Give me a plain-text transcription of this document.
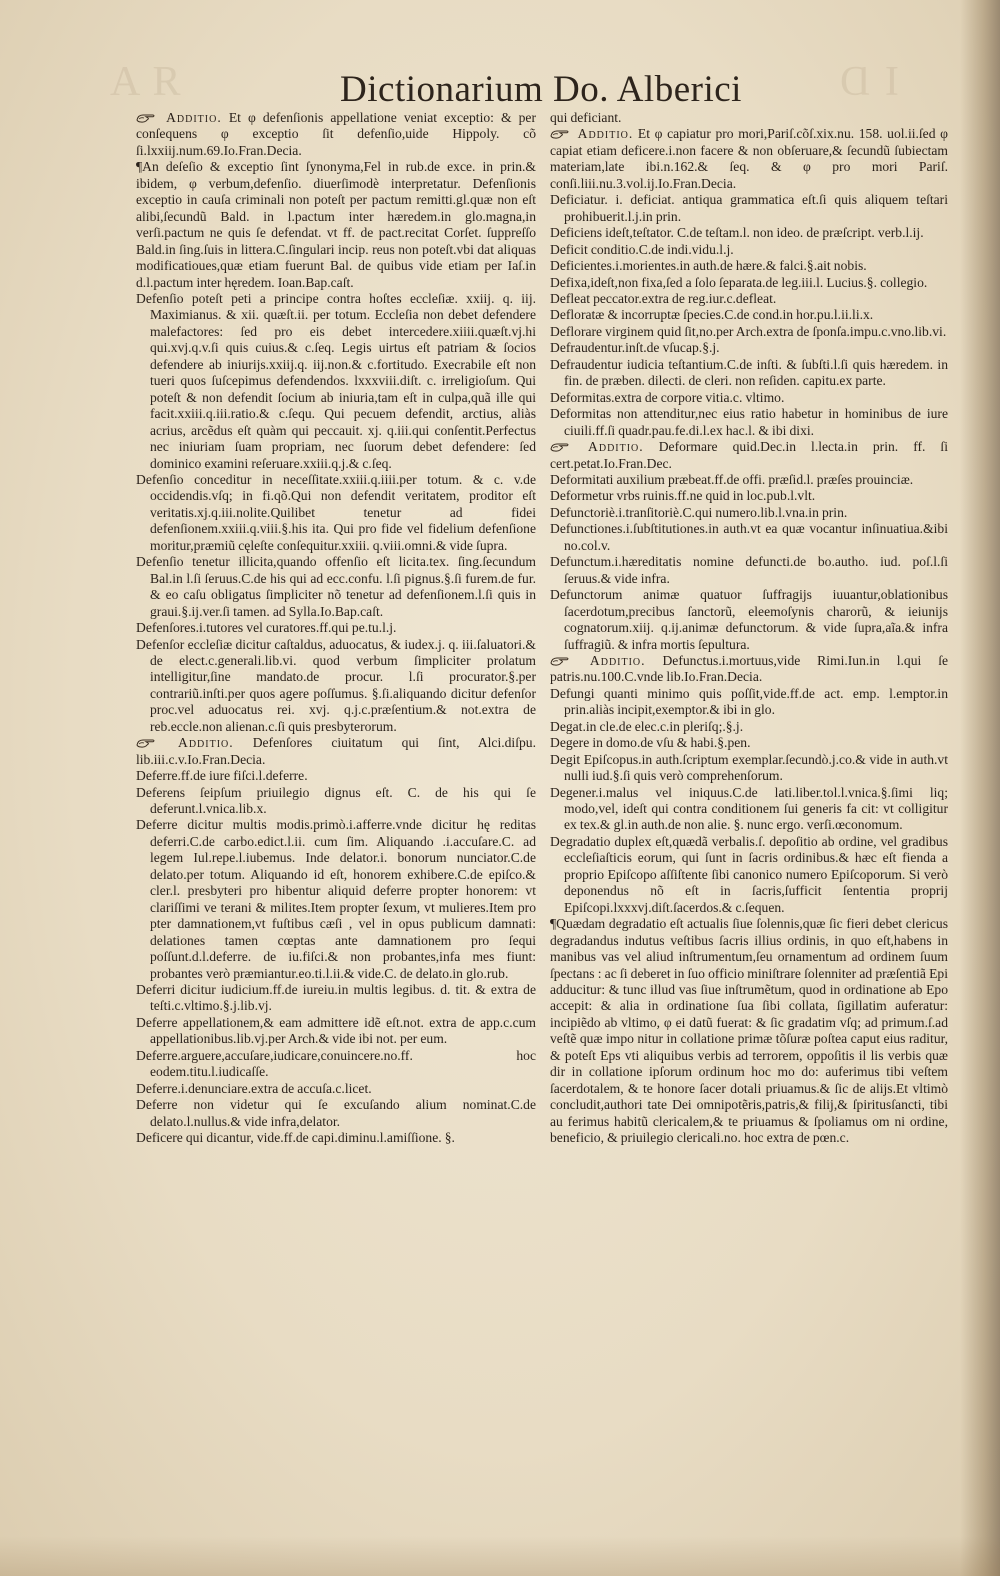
A R	Ɑ I
Dictionarium Do. Alberici

Additio. Et φ defenſionis appellatione veniat exceptio: & per conſequens φ exceptio ſit defenſio,uide Hippoly. cõ ſi.lxxiij.num.69.Io.Fran.Decia.

¶An deſeſio & exceptio ſint ſynonyma,Fel in rub.de exce. in prin.& ibidem, φ verbum,defenſio. diuerſimodè interpretatur. Defenſionis exceptio in cauſa criminali non poteſt per pactum remitti.gl.quæ non eſt alibi,ſecundũ Bald. in l.pactum inter hæredem.in glo.magna,in verſi.pactum ne quis ſe defendat. vt ff. de pact.recitat Corſet. ſuppreſſo Bald.in ſing.ſuis in littera.C.ſingulari incip. reus non poteſt.vbi dat aliquas modificatioues,quæ etiam fuerunt Bal. de quibus vide etiam per Iaſ.in d.l.pactum inter hęredem. Ioan.Bap.caſt.

Defenſio poteſt peti a principe contra hoſtes eccleſiæ. xxiij. q. iij. Maximianus. & xii. quæſt.ii. per totum. Eccleſia non debet defendere malefactores: ſed pro eis debet intercedere.xiiii.quæſt.vj.hi qui.xvj.q.v.ſi quis cuius.& c.ſeq. Legis uirtus eſt patriam & ſocios defendere ab iniurijs.xxiij.q. iij.non.& c.fortitudo. Execrabile eſt non tueri quos ſuſcepimus defendendos. lxxxviii.diſt. c. irreligioſum. Qui poteſt & non defendit ſocium ab iniuria,tam eſt in culpa,quã ille qui facit.xxiii.q.iii.ratio.& c.ſequ. Qui pecuem defendit, arctius, aliàs acrius, arcẽdus eſt quàm qui peccauit. xj. q.iii.qui conſentit.Perfectus nec iniuriam ſuam propriam, nec ſuorum debet defendere: ſed dominico examini reſeruare.xxiii.q.j.& c.ſeq.

Defenſio conceditur in neceſſitate.xxiii.q.iiii.per totum. & c. v.de occidendis.vſq; in fi.qõ.Qui non defendit veritatem, proditor eſt veritatis.xj.q.iii.nolite.Quilibet tenetur ad fidei defenſionem.xxiii.q.viii.§.his ita. Qui pro fide vel fidelium defenſione moritur,præmiũ cęleſte conſequitur.xxiii. q.viii.omni.& vide ſupra.

Defenſio tenetur illicita,quando offenſio eſt licita.tex. ſing.ſecundum Bal.in l.ſi ſeruus.C.de his qui ad ecc.confu. l.ſi pignus.§.ſi furem.de fur. & eo caſu obligatus ſimpliciter nõ tenetur ad defenſionem.l.ſi quis in graui.§.ij.ver.ſi tamen. ad Sylla.Io.Bap.caſt.

Defenſores.i.tutores vel curatores.ff.qui pe.tu.l.j.

Defenſor eccleſiæ dicitur caſtaldus, aduocatus, & iudex.j. q. iii.ſaluatori.& de elect.c.generali.lib.vi. quod verbum ſimpliciter prolatum intelligitur,ſine mandato.de procur. l.ſi procurator.§.per contrariũ.inſti.per quos agere poſſumus. §.ſi.aliquando dicitur defenſor proc.vel aduocatus rei. xvj. q.j.c.præſentium.& not.extra de reb.eccle.non alienan.c.ſi quis presbyterorum.

Additio. Defenſores ciuitatum qui ſint, Alci.diſpu. lib.iii.c.v.Io.Fran.Decia.

Deferre.ff.de iure fiſci.l.deferre.

Deferens ſeipſum priuilegio dignus eſt. C. de his qui ſe deferunt.l.vnica.lib.x.

Deferre dicitur multis modis.primò.i.afferre.vnde dicitur hę reditas deferri.C.de carbo.edict.l.ii. cum ſim. Aliquando .i.accuſare.C. ad legem Iul.repe.l.iubemus. Inde delator.i. bonorum nunciator.C.de delato.per totum. Aliquando id eſt, honorem exhibere.C.de epiſco.& cler.l. presbyteri pro hibentur aliquid deferre propter honorem: vt clariſſimi ve terani & milites.Item propter ſexum, vt mulieres.Item pro pter damnationem,vt fuſtibus cæſi , vel in opus publicum damnati: delationes tamen cœptas ante damnationem pro ſequi poſſunt.d.l.deferre. de iu.fiſci.& non probantes,infa mes fiunt: probantes verò præmiantur.eo.ti.l.ii.& vide.C. de delato.in glo.rub.

Deferri dicitur iudicium.ff.de iureiu.in multis legibus. d. tit. & extra de teſti.c.vltimo.§.j.lib.vj.

Deferre appellationem,& eam admittere idẽ eſt.not. extra de app.c.cum appellationibus.lib.vj.per Arch.& vide ibi not. per eum.

Deferre.arguere,accuſare,iudicare,conuincere.no.ff. hoc eodem.titu.l.iudicaſſe.

Deferre.i.denunciare.extra de accuſa.c.licet.

Deferre non videtur qui ſe excuſando alium nominat.C.de delato.l.nullus.& vide infra,delator.

Deficere qui dicantur, vide.ff.de capi.diminu.l.amiſſione. §.

qui deficiant.

Additio. Et φ capiatur pro mori,Pariſ.cõſ.xix.nu. 158. uol.ii.ſed φ capiat etiam deficere.i.non facere & non obſeruare,& ſecundũ ſubiectam materiam,late ibi.n.162.& ſeq. & φ pro mori Pariſ. conſi.liii.nu.3.vol.ij.Io.Fran.Decia.

Deficiatur. i. deficiat. antiqua grammatica eſt.ſi quis aliquem teſtari prohibuerit.l.j.in prin.

Deficiens ideſt,teſtator. C.de teſtam.l. non ideo. de præſcript. verb.l.ij.

Deficit conditio.C.de indi.vidu.l.j.

Deficientes.i.morientes.in auth.de hære.& falci.§.ait nobis.

Defixa,ideſt,non fixa,ſed a ſolo ſeparata.de leg.iii.l. Lucius.§. collegio.

Defleat peccator.extra de reg.iur.c.defleat.

Defloratæ & incorruptæ ſpecies.C.de cond.in hor.pu.l.ii.li.x.

Deflorare virginem quid ſit,no.per Arch.extra de ſponſa.impu.c.vno.lib.vi.

Defraudentur.inſt.de vſucap.§.j.

Defraudentur iudicia teſtantium.C.de inſti. & ſubſti.l.ſi quis hæredem. in fin. de præben. dilecti. de cleri. non reſiden. capitu.ex parte.

Deformitas.extra de corpore vitia.c. vltimo.

Deformitas non attenditur,nec eius ratio habetur in hominibus de iure ciuili.ff.ſi quadr.pau.fe.di.l.ex hac.l. & ibi dixi.

Additio. Deformare quid.Dec.in l.lecta.in prin. ff. ſi cert.petat.Io.Fran.Dec.

Deformitati auxilium præbeat.ff.de offi. præſid.l. præſes prouinciæ.

Deformetur vrbs ruinis.ff.ne quid in loc.pub.l.vlt.

Defunctoriè.i.tranſitoriè.C.qui numero.lib.l.vna.in prin.

Defunctiones.i.ſubſtitutiones.in auth.vt ea quæ vocantur inſinuatiua.&ibi no.col.v.

Defunctum.i.hæreditatis nomine defuncti.de bo.autho. iud. poſ.l.ſi ſeruus.& vide infra.

Defunctorum animæ quatuor ſuffragijs iuuantur,oblationibus ſacerdotum,precibus ſanctorũ, eleemoſynis charorũ, & ieiunijs cognatorum.xiij. q.ij.animæ defunctorum. & vide ſupra,aĩa.& infra ſuffragiũ. & infra mortis ſepultura.

Additio. Defunctus.i.mortuus,vide Rimi.Iun.in l.qui ſe patris.nu.100.C.vnde lib.Io.Fran.Decia.

Defungi quanti minimo quis poſſit,vide.ff.de act. emp. l.emptor.in prin.aliàs incipit,exemptor.& ibi in glo.

Degat.in cle.de elec.c.in pleriſq;.§.j.

Degere in domo.de vſu & habi.§.pen.

Degit Epiſcopus.in auth.ſcriptum exemplar.ſecundò.j.co.& vide in auth.vt nulli iud.§.ſi quis verò comprehenſorum.

Degener.i.malus vel iniquus.C.de lati.liber.tol.l.vnica.§.ſimi liq; modo,vel, ideſt qui contra conditionem ſui generis fa cit: vt colligitur ex tex.& gl.in auth.de non alie. §. nunc ergo. verſi.œconomum.

Degradatio duplex eſt,quædã verbalis.ſ. depoſitio ab ordine, vel gradibus eccleſiaſticis eorum, qui ſunt in ſacris ordinibus.& hæc eſt fienda a proprio Epiſcopo aſſiſtente ſibi canonico numero Epiſcoporum. Si verò deponendus nõ eſt in ſacris,ſufficit ſententia proprij Epiſcopi.lxxxvj.diſt.ſacerdos.& c.ſequen.

¶Quædam degradatio eſt actualis ſiue ſolennis,quæ ſic fieri debet clericus degradandus indutus veſtibus ſacris illius ordinis, in quo eſt,habens in manibus vas vel aliud inſtrumentum,ſeu ornamentum ad ordinem ſuum ſpectans : ac ſi deberet in ſuo officio miniſtrare ſolenniter ad præſentiã Epi adducitur: & tunc illud vas ſiue inſtrumẽtum, quod in ordinatione ab Epo accepit: & alia in ordinatione ſua ſibi collata, ſigillatim auferatur: incipiẽdo ab vltimo, φ ei datũ fuerat: & ſic gradatim vſq; ad primum.ſ.ad veſtẽ quæ impo nitur in collatione primæ tõſuræ poſtea caput eius raditur, & poteſt Eps vti aliquibus verbis ad terrorem, oppoſitis il lis verbis quæ dir in collatione ipſorum ordinum hoc mo do: auferimus tibi veſtem ſacerdotalem, & te honore ſacer dotali priuamus.& ſic de alijs.Et vltimò concludit,authori tate Dei omnipotẽris,patris,& filij,& ſpiritusſancti, tibi au ferimus habitũ clericalem,& te priuamus & ſpoliamus om ni ordine, beneficio, & priuilegio clericali.no. hoc extra de pœn.c.
